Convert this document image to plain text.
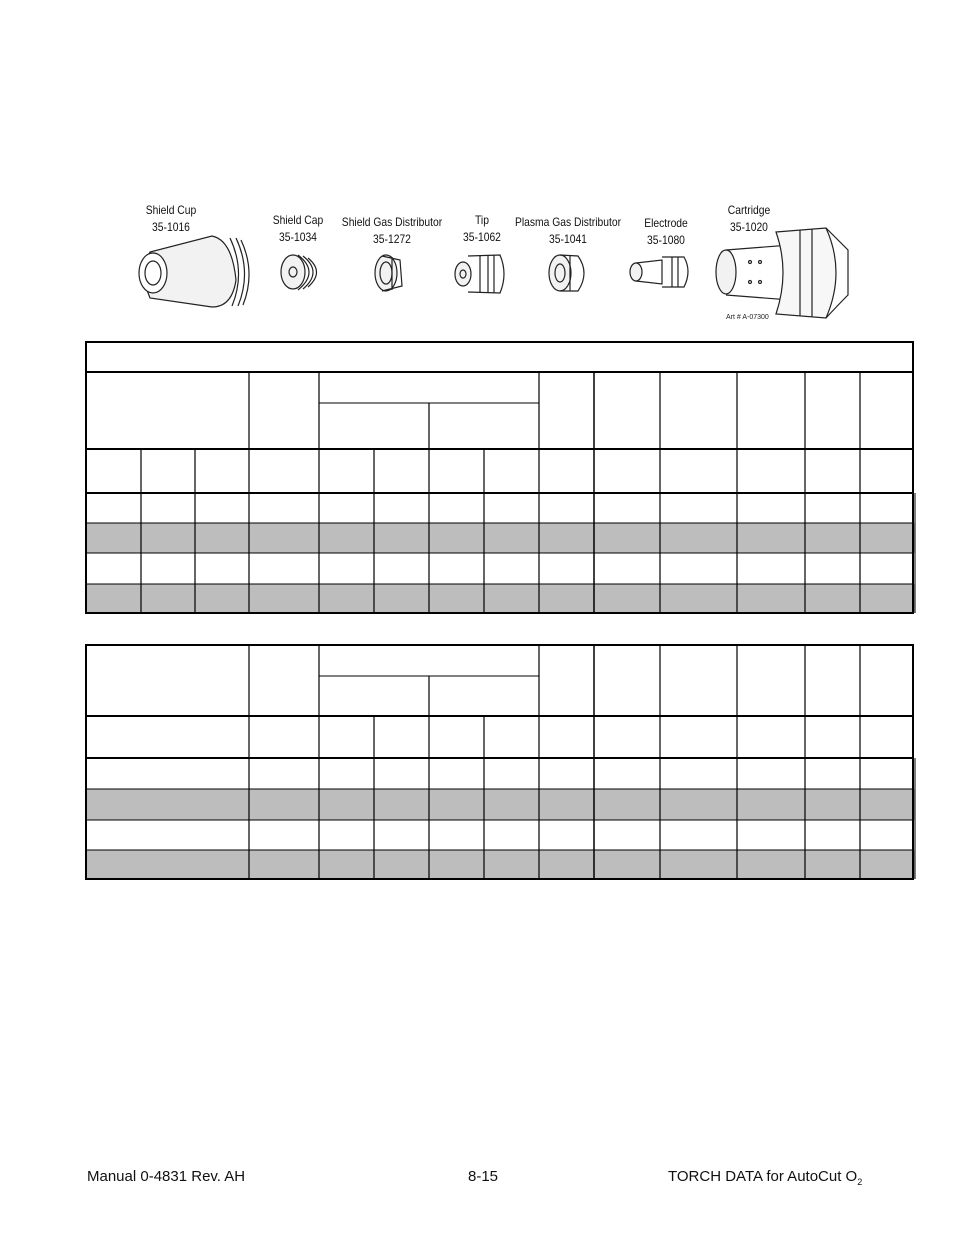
Shield Cup
35-1016	Shield Cap
35-1034
Shield Gas Distributor
35-1272
Tip
35-1062
Plasma Gas Distributor
35-1041
Electrode
35-1080
Cartridge
35-1020
Art # A-07300
Manual 0-4831 Rev. AH	8-15	TORCH DATA for AutoCut $O_2$
